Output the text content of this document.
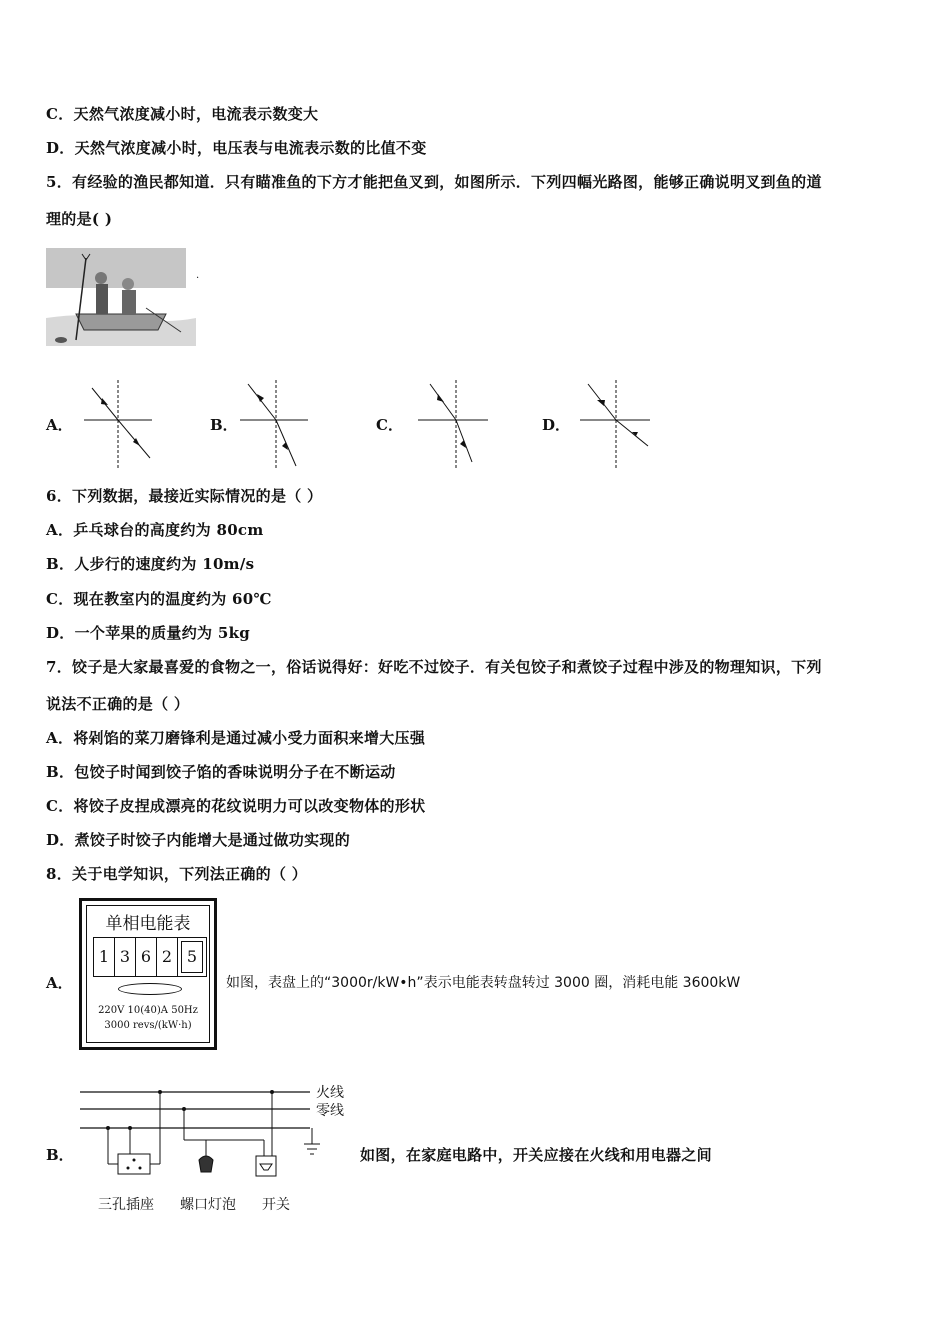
C．天然气浓度减小时，电流表示数变大
D．天然气浓度减小时，电压表与电流表示数的比值不变
5．有经验的渔民都知道．只有瞄准鱼的下方才能把鱼叉到，如图所示．下列四幅光路图，能够正确说明叉到鱼的道
理的是( )
.
A．	B．	C．	D．
6．下列数据，最接近实际情况的是（ ）
A．乒乓球台的高度约为 80cm
B．人步行的速度约为 10m/s
C．现在教室内的温度约为 60℃
D．一个苹果的质量约为 5kg
7．饺子是大家最喜爱的食物之一，俗话说得好：好吃不过饺子．有关包饺子和煮饺子过程中涉及的物理知识，下列
说法不正确的是（ ）
A．将剁馅的菜刀磨锋利是通过减小受力面积来增大压强
B．包饺子时闻到饺子馅的香味说明分子在不断运动
C．将饺子皮捏成漂亮的花纹说明力可以改变物体的形状
D．煮饺子时饺子内能增大是通过做功实现的
8．关于电学知识，下列法正确的（ ）
A．
单相电能表
1 3 6 2 5
220V 10(40)A 50Hz
3000 revs/(kW·h)
如图，表盘上的“3000r/kW•h”表示电能表转盘转过 3000 圈，消耗电能 3600kW
B．
火线
零线
三孔插座 螺口灯泡 开关
如图，在家庭电路中，开关应接在火线和用电器之间
